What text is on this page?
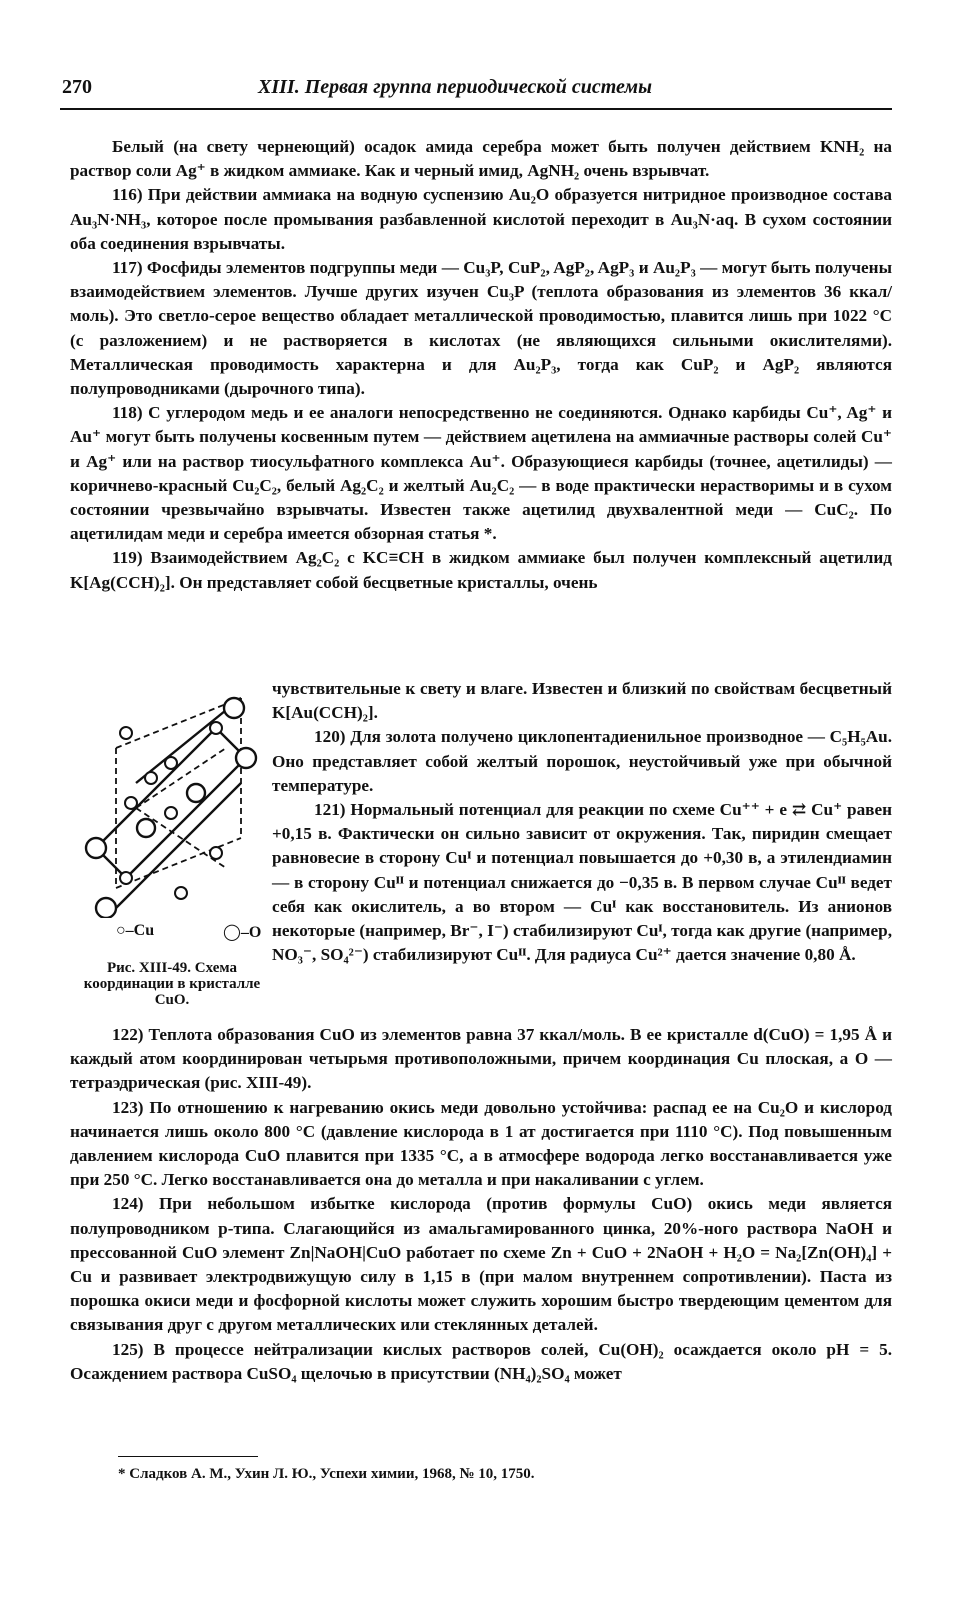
270	XIII. Первая группа периодической системы

Белый (на свету чернеющий) осадок амида серебра может быть получен действием KNH₂ на раствор соли Ag⁺ в жидком аммиаке. Как и черный имид, AgNH₂ очень взрывчат.

116) При действии аммиака на водную суспензию Au₂O образуется нитридное производное состава Au₃N·NH₃, которое после промывания разбавленной кислотой переходит в Au₃N·aq. В сухом состоянии оба соединения взрывчаты.

117) Фосфиды элементов подгруппы меди — Cu₃P, CuP₂, AgP₂, AgP₃ и Au₂P₃ — могут быть получены взаимодействием элементов. Лучше других изучен Cu₃P (теплота образования из элементов 36 ккал/моль). Это светло-серое вещество обладает металлической проводимостью, плавится лишь при 1022 °С (с разложением) и не растворяется в кислотах (не являющихся сильными окислителями). Металлическая проводимость характерна и для Au₂P₃, тогда как CuP₂ и AgP₂ являются полупроводниками (дырочного типа).

118) С углеродом медь и ее аналоги непосредственно не соединяются. Однако карбиды Cu⁺, Ag⁺ и Au⁺ могут быть получены косвенным путем — действием ацетилена на аммиачные растворы солей Cu⁺ и Ag⁺ или на раствор тиосульфатного комплекса Au⁺. Образующиеся карбиды (точнее, ацетилиды) — коричнево-красный Cu₂C₂, белый Ag₂C₂ и желтый Au₂C₂ — в воде практически нерастворимы и в сухом состоянии чрезвычайно взрывчаты. Известен также ацетилид двухвалентной меди — CuC₂. По ацетилидам меди и серебра имеется обзорная статья *.

119) Взаимодействием Ag₂C₂ с KC≡CH в жидком аммиаке был получен комплексный ацетилид K[Ag(CCH)₂]. Он представляет собой бесцветные кристаллы, очень

○–Cu	◯–O
Рис. XIII-49. Схема координации в кристалле CuO.

чувствительные к свету и влаге. Известен и близкий по свойствам бесцветный K[Au(CCH)₂].

120) Для золота получено циклопентадиенильное производное — C₅H₅Au. Оно представляет собой желтый порошок, неустойчивый уже при обычной температуре.

121) Нормальный потенциал для реакции по схеме Cu⁺⁺ + e ⇄ Cu⁺ равен +0,15 в. Фактически он сильно зависит от окружения. Так, пиридин смещает равновесие в сторону Cuᴵ и потенциал повышается до +0,30 в, а этилендиамин — в сторону Cuᴵᴵ и потенциал снижается до −0,35 в. В первом случае Cuᴵᴵ ведет себя как окислитель, а во втором — Cuᴵ как восстановитель. Из анионов некоторые (например, Br⁻, I⁻) стабилизируют Cuᴵ, тогда как другие (например, NO₃⁻, SO₄²⁻) стабилизируют Cuᴵᴵ. Для радиуса Cu²⁺ дается значение 0,80 Å.

122) Теплота образования CuO из элементов равна 37 ккал/моль. В ее кристалле d(CuO) = 1,95 Å и каждый атом координирован четырьмя противоположными, причем координация Cu плоская, а O — тетраэдрическая (рис. XIII-49).

123) По отношению к нагреванию окись меди довольно устойчива: распад ее на Cu₂O и кислород начинается лишь около 800 °С (давление кислорода в 1 ат достигается при 1110 °С). Под повышенным давлением кислорода CuO плавится при 1335 °С, а в атмосфере водорода легко восстанавливается уже при 250 °С. Легко восстанавливается она до металла и при накаливании с углем.

124) При небольшом избытке кислорода (против формулы CuO) окись меди является полупроводником p-типа. Слагающийся из амальгамированного цинка, 20%-ного раствора NaOH и прессованной CuO элемент Zn|NaOH|CuO работает по схеме Zn + CuO + 2NaOH + H₂O = Na₂[Zn(OH)₄] + Cu и развивает электродвижущую силу в 1,15 в (при малом внутреннем сопротивлении). Паста из порошка окиси меди и фосфорной кислоты может служить хорошим быстро твердеющим цементом для связывания друг с другом металлических или стеклянных деталей.

125) В процессе нейтрализации кислых растворов солей, Cu(OH)₂ осаждается около pH = 5. Осаждением раствора CuSO₄ щелочью в присутствии (NH₄)₂SO₄ может

* Сладков А. М., Ухин Л. Ю., Успехи химии, 1968, № 10, 1750.
